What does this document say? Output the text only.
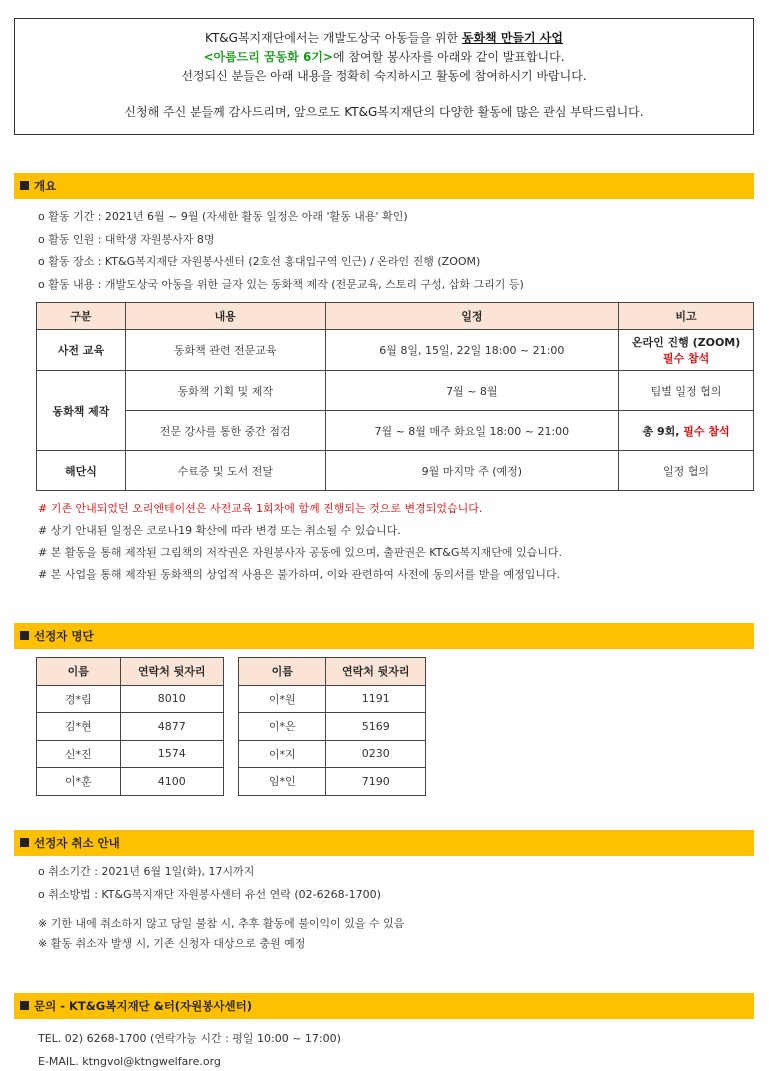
KT&G복지재단에서는 개발도상국 아동들을 위한 동화책 만들기 사업
<아름드리 꿈동화 6기>에 참여할 봉사자를 아래와 같이 발표합니다.
선정되신 분들은 아래 내용을 정확히 숙지하시고 활동에 참여하시기 바랍니다.
신청해 주신 분들께 감사드리며, 앞으로도 KT&G복지재단의 다양한 활동에 많은 관심 부탁드립니다.
개요
o 활동 기간 : 2021년 6월 ~ 9월 (자세한 활동 일정은 아래 '활동 내용' 확인)
o 활동 인원 : 대학생 자원봉사자 8명
o 활동 장소 : KT&G복지재단 자원봉사센터 (2호선 홍대입구역 인근) / 온라인 진행 (ZOOM)
o 활동 내용 : 개발도상국 아동을 위한 글자 있는 동화책 제작 (전문교육, 스토리 구성, 삽화 그리기 등)
구분	내용	일정	비고
사전 교육	동화책 관련 전문교육	6월 8일, 15일, 22일 18:00 ~ 21:00	온라인 진행 (ZOOM)
필수 참석

동화책 제작	동화책 기획 및 제작	7월 ~ 8월	팀별 일정 협의
	전문 강사를 통한 중간 점검	7월 ~ 8월 매주 화요일 18:00 ~ 21:00	총 9회, 필수 참석
해단식	수료증 및 도서 전달	9월 마지막 주 (예정)	일정 협의
# 기존 안내되었던 오리엔테이션은 사전교육 1회차에 함께 진행되는 것으로 변경되었습니다.
# 상기 안내된 일정은 코로나19 확산에 따라 변경 또는 취소될 수 있습니다.
# 본 활동을 통해 제작된 그림책의 저작권은 자원봉사자 공동에 있으며, 출판권은 KT&G복지재단에 있습니다.
# 본 사업을 통해 제작된 동화책의 상업적 사용은 불가하며, 이와 관련하여 사전에 동의서를 받을 예정입니다.
선정자 명단
이름	연락처 뒷자리
경*림	8010
김*현	4877
신*진	1574
이*훈	4100
이름	연락처 뒷자리
이*원	1191
이*은	5169
이*지	0230
임*인	7190
선정자 취소 안내
o 취소기간 : 2021년 6월 1일(화), 17시까지
o 취소방법 : KT&G복지재단 자원봉사센터 유선 연락 (02-6268-1700)
※ 기한 내에 취소하지 않고 당일 불참 시, 추후 활동에 불이익이 있을 수 있음
※ 활동 취소자 발생 시, 기존 신청자 대상으로 충원 예정
문의 - KT&G복지재단 &터(자원봉사센터)
TEL. 02) 6268-1700 (연락가능 시간 : 평일 10:00 ~ 17:00)
E-MAIL. ktngvol@ktngwelfare.org
